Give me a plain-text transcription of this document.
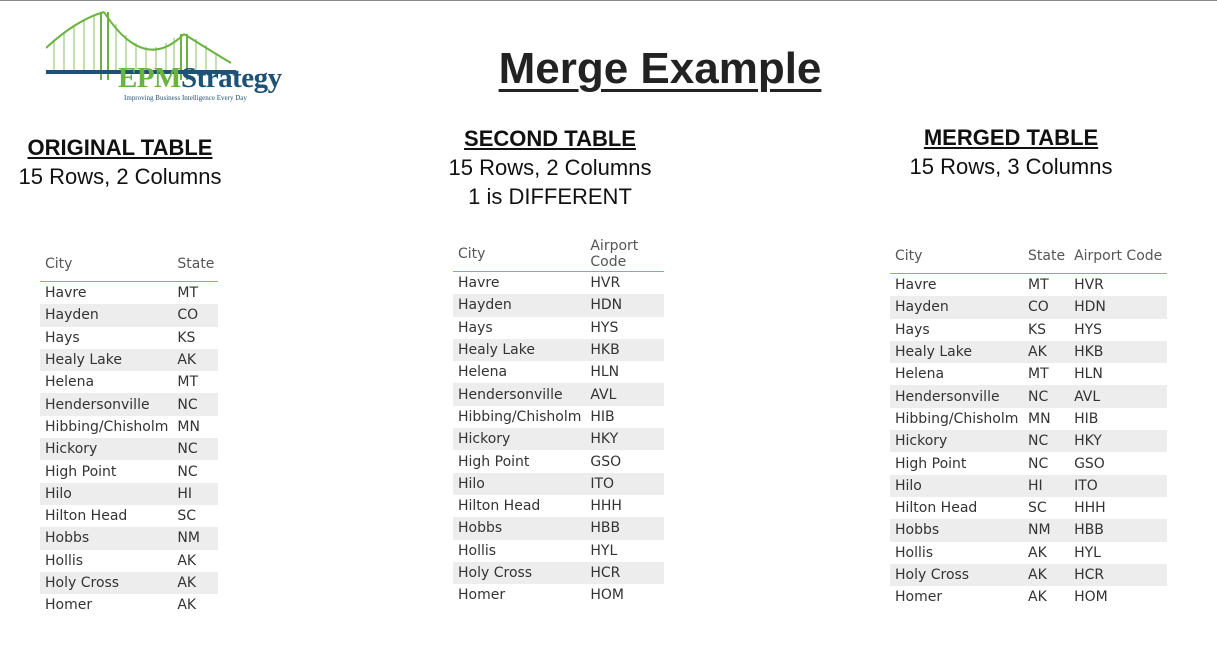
EPMStrategy
Improving Business Intelligence Every Day
Merge Example
ORIGINAL TABLE
15 Rows, 2 Columns
SECOND TABLE
15 Rows, 2 Columns
1 is DIFFERENT
MERGED TABLE
15 Rows, 3 Columns
City	State
Havre	MT
Hayden	CO
Hays	KS
Healy Lake	AK
Helena	MT
Hendersonville	NC
Hibbing/Chisholm	MN
Hickory	NC
High Point	NC
Hilo	HI
Hilton Head	SC
Hobbs	NM
Hollis	AK
Holy Cross	AK
Homer	AK
City	Airport Code
Havre	HVR
Hayden	HDN
Hays	HYS
Healy Lake	HKB
Helena	HLN
Hendersonville	AVL
Hibbing/Chisholm	HIB
Hickory	HKY
High Point	GSO
Hilo	ITO
Hilton Head	HHH
Hobbs	HBB
Hollis	HYL
Holy Cross	HCR
Homer	HOM
City	State	Airport Code
Havre	MT	HVR
Hayden	CO	HDN
Hays	KS	HYS
Healy Lake	AK	HKB
Helena	MT	HLN
Hendersonville	NC	AVL
Hibbing/Chisholm	MN	HIB
Hickory	NC	HKY
High Point	NC	GSO
Hilo	HI	ITO
Hilton Head	SC	HHH
Hobbs	NM	HBB
Hollis	AK	HYL
Holy Cross	AK	HCR
Homer	AK	HOM
